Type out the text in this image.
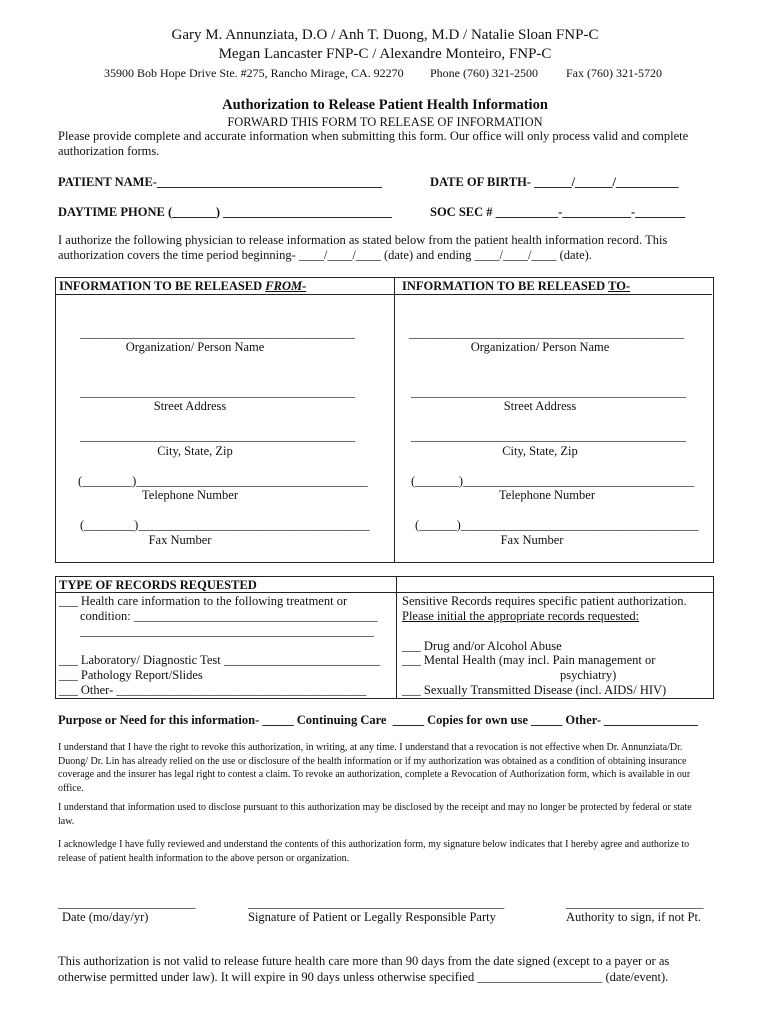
Gary M. Annunziata, D.O / Anh T. Duong, M.D / Natalie Sloan FNP-C
Megan Lancaster FNP-C / Alexandre Monteiro, FNP-C
35900 Bob Hope Drive Ste. #275, Rancho Mirage, CA. 92270 Phone (760) 321-2500 Fax (760) 321-5720
Authorization to Release Patient Health Information
FORWARD THIS FORM TO RELEASE OF INFORMATION
Please provide complete and accurate information when submitting this form. Our office will only process valid and complete authorization forms.
PATIENT NAME-____________________________________	DATE OF BIRTH- ______/______/__________
DAYTIME PHONE (_______) ___________________________	SOC SEC # __________-___________-________
I authorize the following physician to release information as stated below from the patient health information record. This authorization covers the time period beginning- ____/____/____ (date) and ending ____/____/____ (date).
INFORMATION TO BE RELEASED FROM-	INFORMATION TO BE RELEASED TO-
____________________________________________
Organization/ Person Name
____________________________________________
Street Address
____________________________________________
City, State, Zip
(________)_____________________________________
Telephone Number
(________)_____________________________________
Fax Number
____________________________________________
Organization/ Person Name
____________________________________________
Street Address
____________________________________________
City, State, Zip
(_______)_____________________________________
Telephone Number
(______)______________________________________
Fax Number
TYPE OF RECORDS REQUESTED
___ Health care information to the following treatment or
condition: _______________________________________
_______________________________________________
___ Laboratory/ Diagnostic Test _________________________
___ Pathology Report/Slides
___ Other- ________________________________________
Sensitive Records requires specific patient authorization.
Please initial the appropriate records requested:
___ Drug and/or Alcohol Abuse
___ Mental Health (may incl. Pain management or
psychiatry)
___ Sexually Transmitted Disease (incl. AIDS/ HIV)
Purpose or Need for this information- _____ Continuing Care  _____ Copies for own use _____ Other- _______________
I understand that I have the right to revoke this authorization, in writing, at any time. I understand that a revocation is not effective when Dr. Annunziata/Dr. Duong/ Dr. Lin has already relied on the use or disclosure of the health information or if my authorization was obtained as a condition of obtaining insurance coverage and the insurer has legal right to contest a claim. To revoke an authorization, complete a Revocation of Authorization form, which is available in our office.
I understand that information used to disclose pursuant to this authorization may be disclosed by the receipt and may no longer be protected by federal or state law.
I acknowledge I have fully reviewed and understand the contents of this authorization form, my signature below indicates that I hereby agree and authorize to release of patient health information to the above person or organization.
______________________
Date (mo/day/yr)
_________________________________________
Signature of Patient or Legally Responsible Party
______________________
Authority to sign, if not Pt.
This authorization is not valid to release future health care more than 90 days from the date signed (except to a payer or as otherwise permitted under law). It will expire in 90 days unless otherwise specified ____________________ (date/event).
